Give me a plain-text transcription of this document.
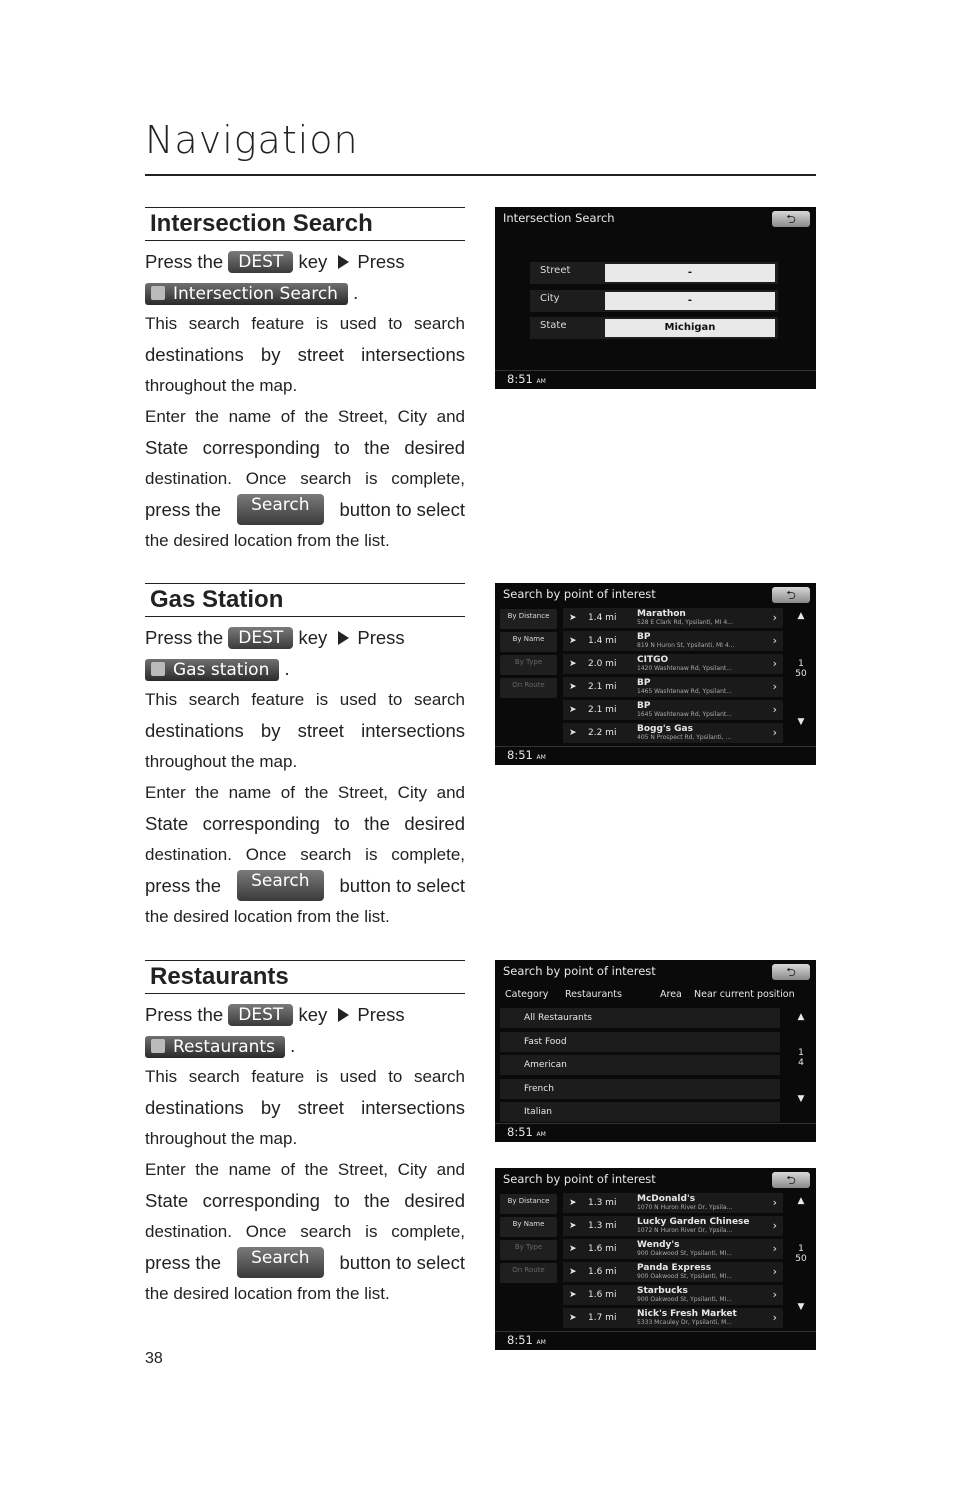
Navigation
Intersection Search
Press the DEST key Press
Intersection Search .
This search feature is used to search
destinations by street intersections
throughout the map.
Enter the name of the Street, City and
State corresponding to the desired
destination. Once search is complete,
press the	Search	button to select
the desired location from the list.
Gas Station
Press the DEST key Press
Gas station .
This search feature is used to search
destinations by street intersections
throughout the map.
Enter the name of the Street, City and
State corresponding to the desired
destination. Once search is complete,
press the	Search	button to select
the desired location from the list.
Restaurants
Press the DEST key Press
Restaurants .
This search feature is used to search
destinations by street intersections
throughout the map.
Enter the name of the Street, City and
State corresponding to the desired
destination. Once search is complete,
press the	Search	button to select
the desired location from the list.
Intersection Search	⮌
Street	-
City	-
State	Michigan
8:51 AM
Search by point of interest	⮌
8:51 AM
By Distance
By Name
By Type
On Route
➤ 1.4 mi Marathon
528 E Clark Rd, Ypsilanti, MI 4...	›
➤ 1.4 mi BP
819 N Huron St, Ypsilanti, MI 4...	›
➤ 2.0 mi CITGO
1420 Washtenaw Rd, Ypsilant...	›
➤ 2.1 mi BP
1465 Washtenaw Rd, Ypsilant...	›
➤ 2.1 mi BP
1645 Washtenaw Rd, Ypsilant...	›
➤ 2.2 mi Bogg's Gas
405 N Prospect Rd, Ypsilanti, ...	›
▲
1
50
▼
Search by point of interest	⮌
Category Restaurants	Area Near current position
8:51 AM
All Restaurants
Fast Food
American
French
Italian
▲
1
4
▼
Search by point of interest	⮌
8:51 AM
By Distance
By Name
By Type
On Route
➤ 1.3 mi McDonald's
1070 N Huron River Dr, Ypsila...	›
➤ 1.3 mi Lucky Garden Chinese
1072 N Huron River Dr, Ypsila...	›
➤ 1.6 mi Wendy's
900 Oakwood St, Ypsilanti, MI...	›
➤ 1.6 mi Panda Express
900 Oakwood St, Ypsilanti, MI...	›
➤ 1.6 mi Starbucks
900 Oakwood St, Ypsilanti, MI...	›
➤ 1.7 mi Nick's Fresh Market
5333 Mcauley Dr, Ypsilanti, M...	›
▲
1
50
▼
38
